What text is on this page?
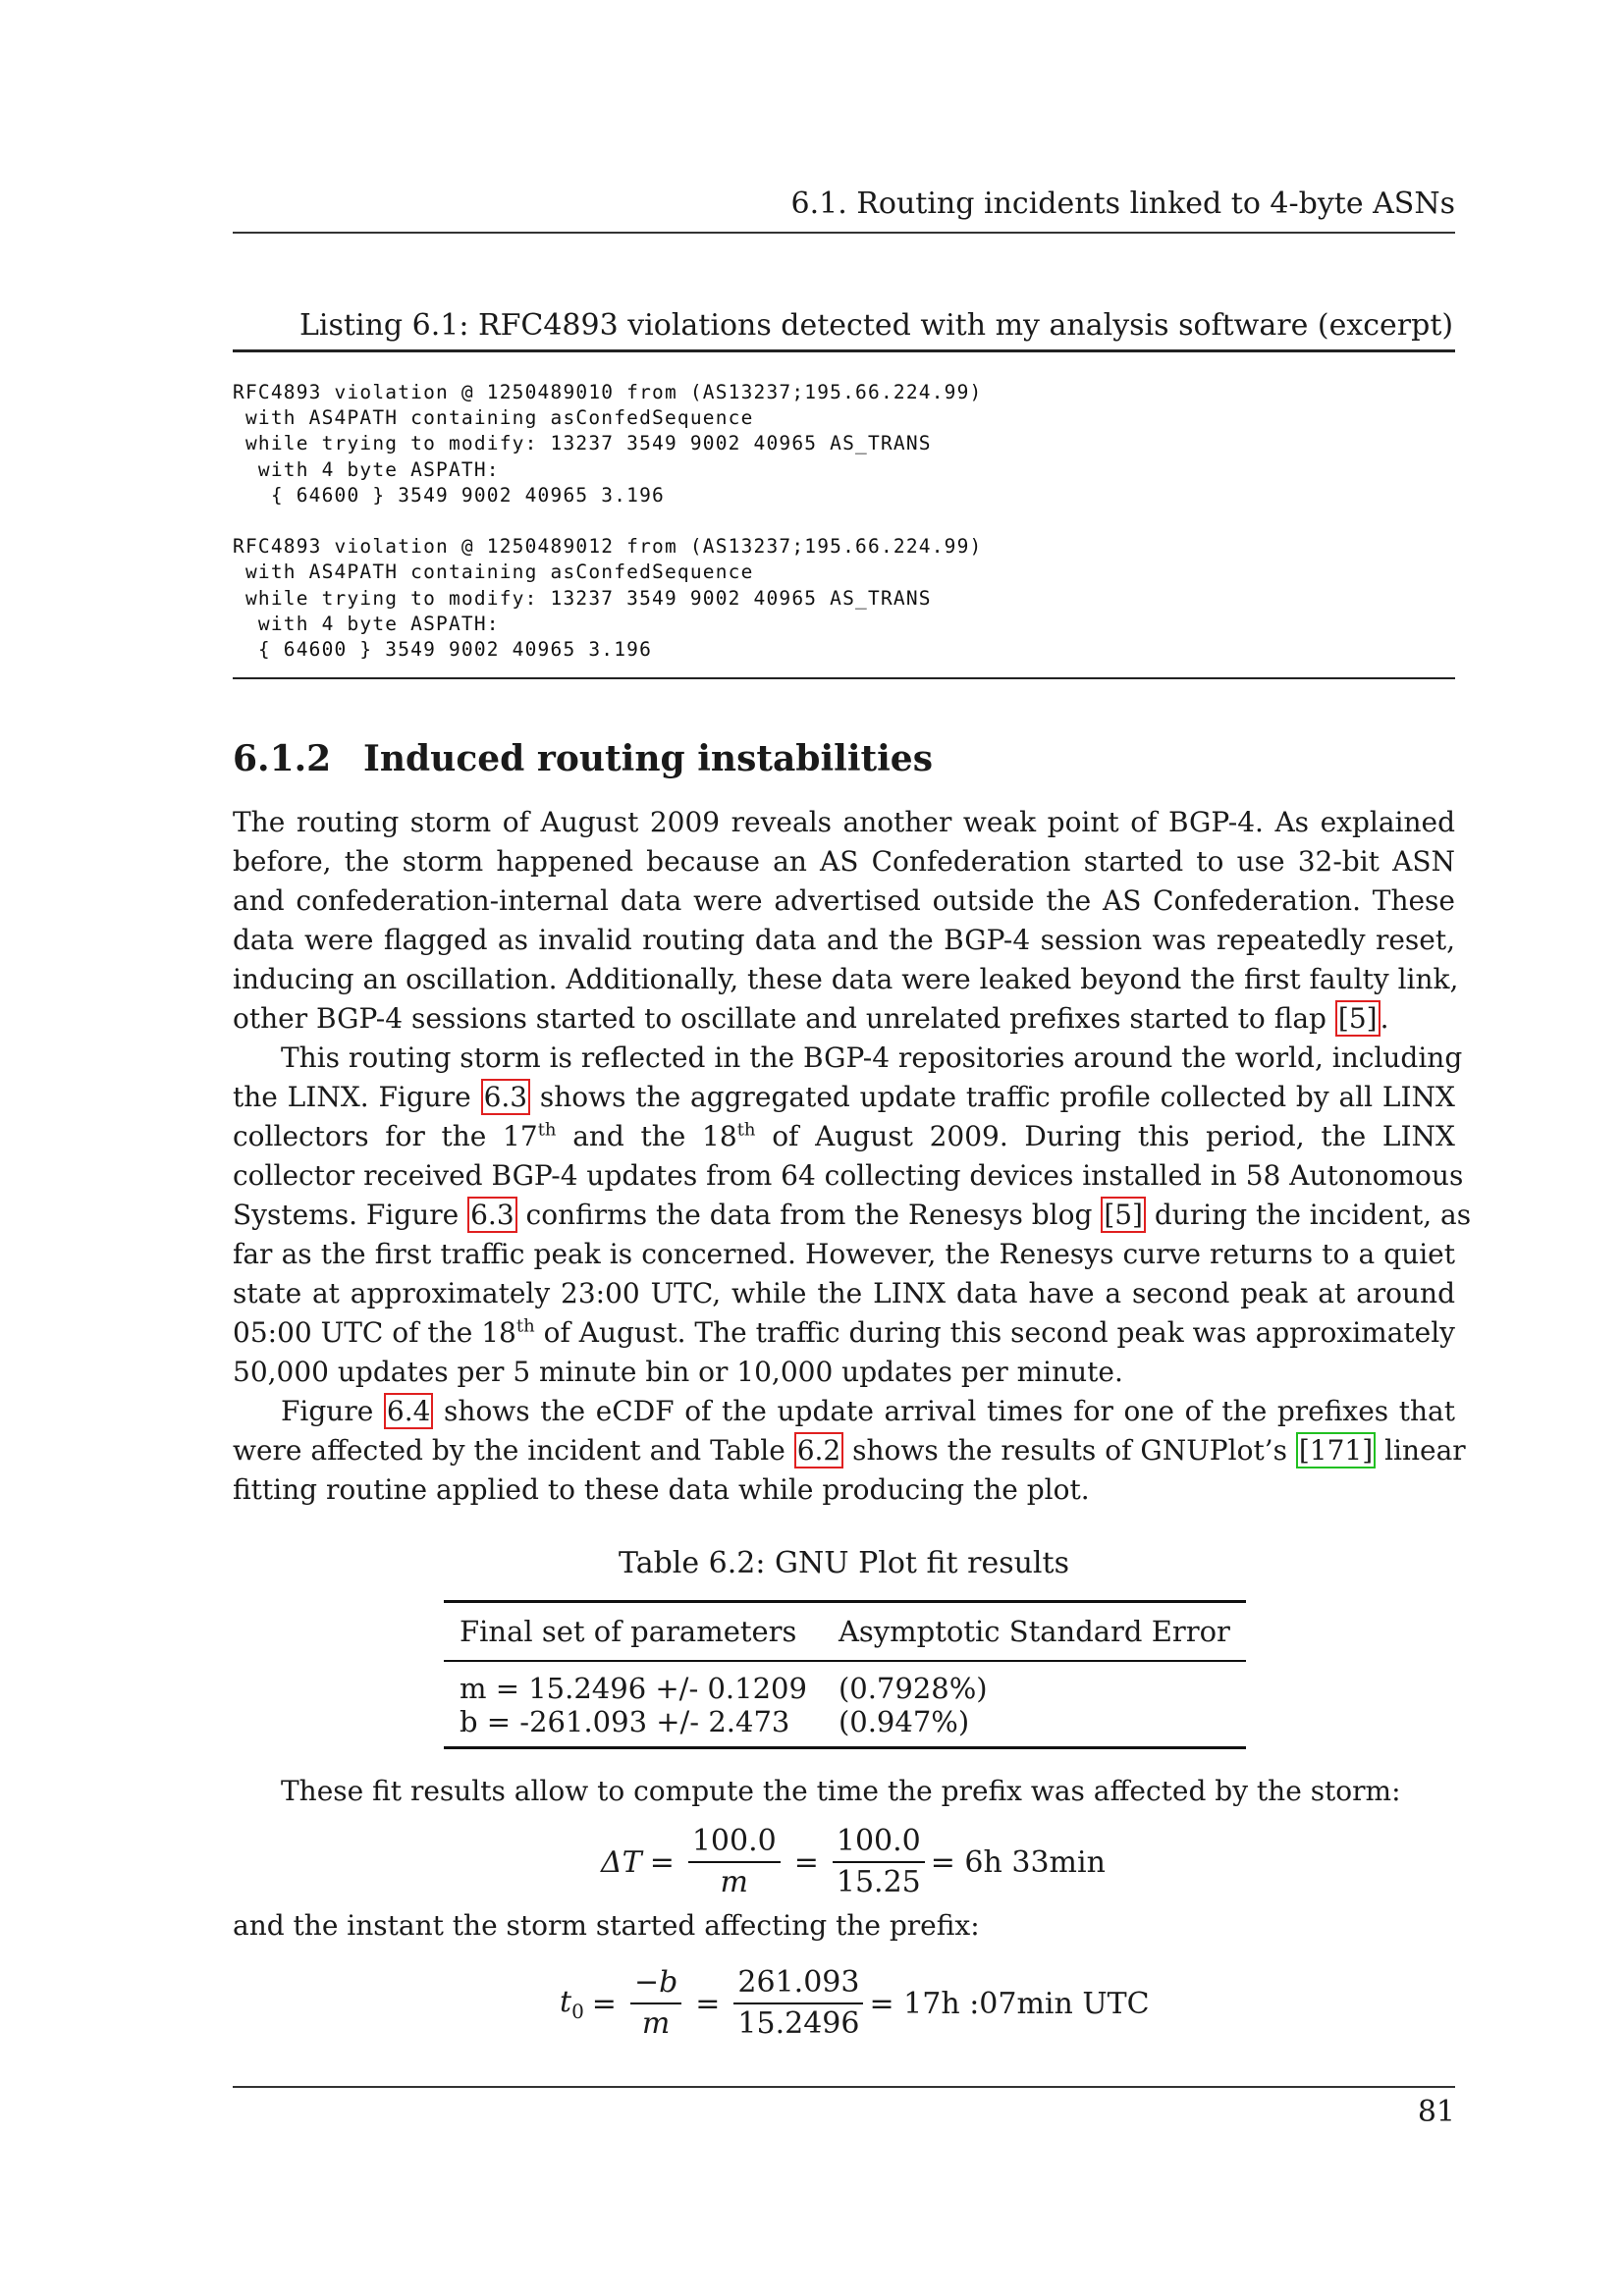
6.1. Routing incidents linked to 4-byte ASNs
Listing 6.1: RFC4893 violations detected with my analysis software (excerpt)
RFC4893 violation @ 1250489010 from (AS13237;195.66.224.99)
with AS4PATH containing asConfedSequence
while trying to modify: 13237 3549 9002 40965 AS_TRANS
with 4 byte ASPATH:
{ 64600 } 3549 9002 40965 3.196
RFC4893 violation @ 1250489012 from (AS13237;195.66.224.99)
with AS4PATH containing asConfedSequence
while trying to modify: 13237 3549 9002 40965 AS_TRANS
with 4 byte ASPATH:
{ 64600 } 3549 9002 40965 3.196
6.1.2 Induced routing instabilities
The routing storm of August 2009 reveals another weak point of BGP-4. As explained
before, the storm happened because an AS Confederation started to use 32-bit ASN
and confederation-internal data were advertised outside the AS Confederation. These
data were flagged as invalid routing data and the BGP-4 session was repeatedly reset,
inducing an oscillation. Additionally, these data were leaked beyond the first faulty link,
other BGP-4 sessions started to oscillate and unrelated prefixes started to flap [5] .
This routing storm is reflected in the BGP-4 repositories around the world, including
the LINX. Figure 6.3 shows the aggregated update traffic profile collected by all LINX
collectors for the 17th and the 18th of August 2009. During this period, the LINX
collector received BGP-4 updates from 64 collecting devices installed in 58 Autonomous
Systems. Figure 6.3 confirms the data from the Renesys blog [5] during the incident, as
far as the first traffic peak is concerned. However, the Renesys curve returns to a quiet
state at approximately 23:00 UTC, while the LINX data have a second peak at around
05:00 UTC of the 18th of August. The traffic during this second peak was approximately
50,000 updates per 5 minute bin or 10,000 updates per minute.
Figure 6.4 shows the eCDF of the update arrival times for one of the prefixes that
were affected by the incident and Table 6.2 shows the results of GNUPlot’s [171] linear
fitting routine applied to these data while producing the plot.
Table 6.2: GNU Plot fit results
Final set of parameters	Asymptotic Standard Error
m = 15.2496 +/- 0.1209	(0.7928%)
b = -261.093 +/- 2.473	(0.947%)
These fit results allow to compute the time the prefix was affected by the storm:
$\Delta T = \frac{100.0}{m} = \frac{100.0}{15.25} = 6h$ 33min
and the instant the storm started affecting the prefix:
$t_0 = \frac{-b}{m} = \frac{261.093}{15.2496} = 17h$ :07min UTC
81
